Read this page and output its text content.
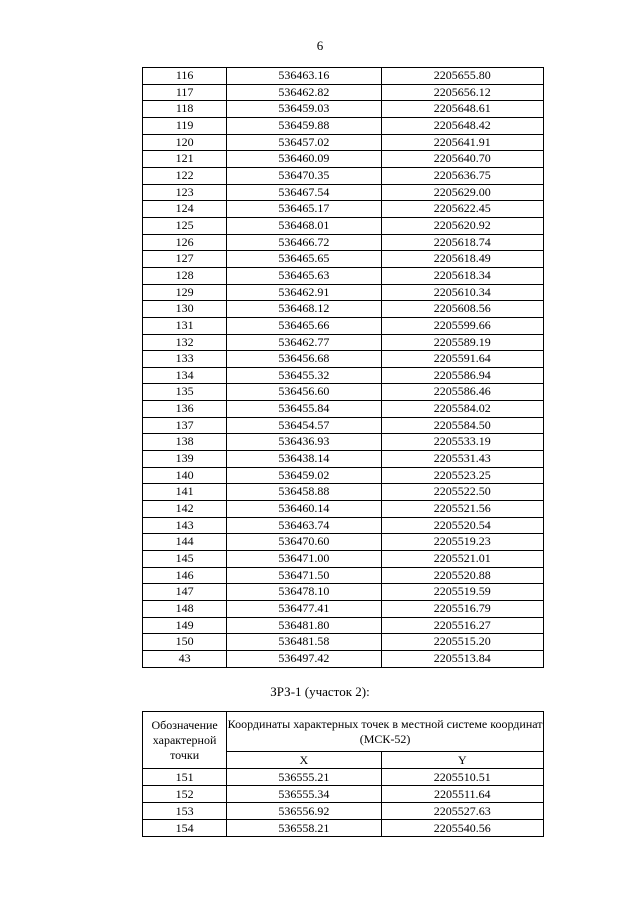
6
116	536463.16	2205655.80
117	536462.82	2205656.12
118	536459.03	2205648.61
119	536459.88	2205648.42
120	536457.02	2205641.91
121	536460.09	2205640.70
122	536470.35	2205636.75
123	536467.54	2205629.00
124	536465.17	2205622.45
125	536468.01	2205620.92
126	536466.72	2205618.74
127	536465.65	2205618.49
128	536465.63	2205618.34
129	536462.91	2205610.34
130	536468.12	2205608.56
131	536465.66	2205599.66
132	536462.77	2205589.19
133	536456.68	2205591.64
134	536455.32	2205586.94
135	536456.60	2205586.46
136	536455.84	2205584.02
137	536454.57	2205584.50
138	536436.93	2205533.19
139	536438.14	2205531.43
140	536459.02	2205523.25
141	536458.88	2205522.50
142	536460.14	2205521.56
143	536463.74	2205520.54
144	536470.60	2205519.23
145	536471.00	2205521.01
146	536471.50	2205520.88
147	536478.10	2205519.59
148	536477.41	2205516.79
149	536481.80	2205516.27
150	536481.58	2205515.20
43	536497.42	2205513.84
ЗРЗ-1 (участок 2):
Обозначение характерной точки	Координаты характерных точек в местной системе координат (МСК-52)	
	X	Y
151	536555.21	2205510.51
152	536555.34	2205511.64
153	536556.92	2205527.63
154	536558.21	2205540.56
